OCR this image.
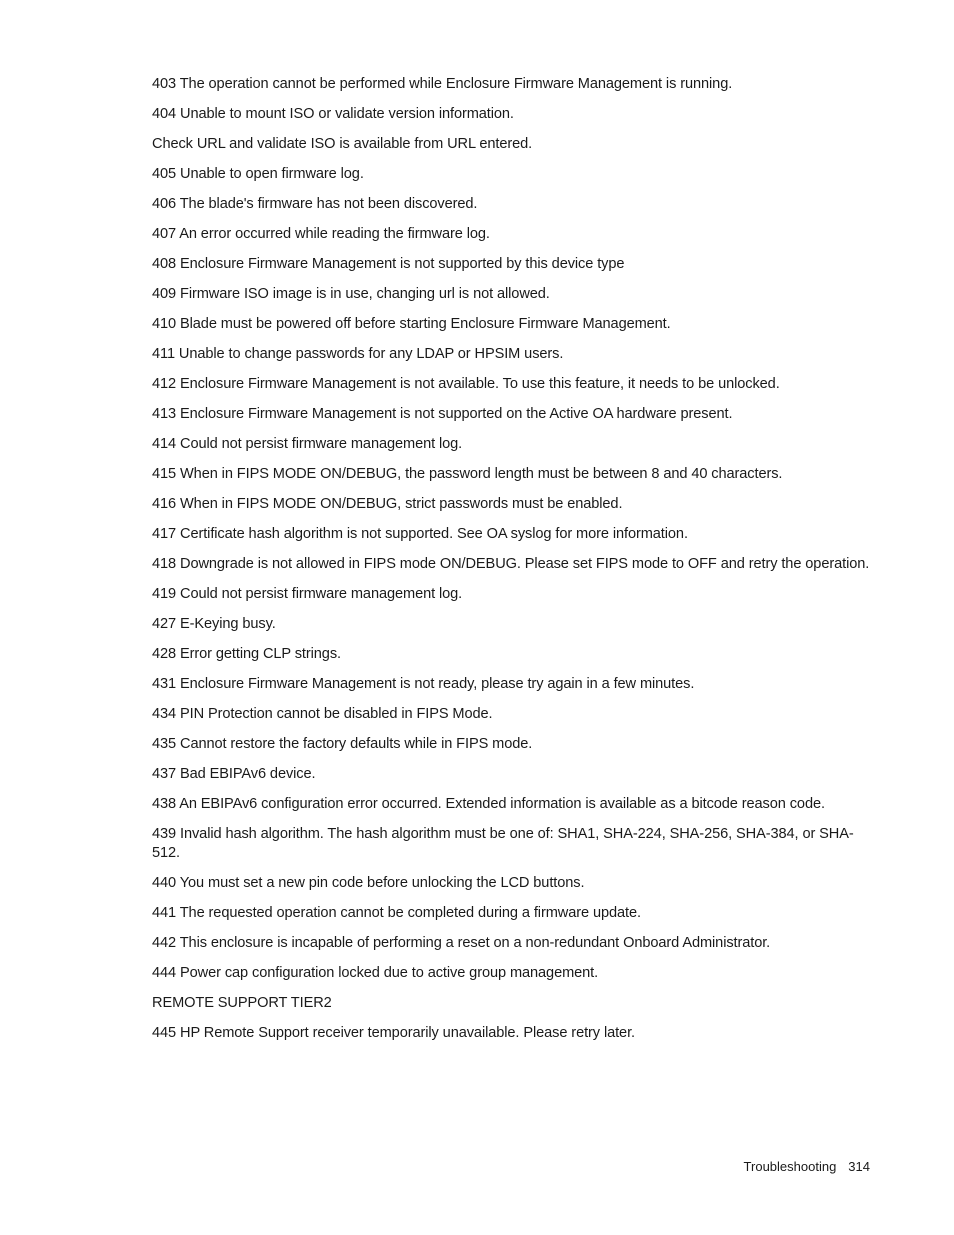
403 The operation cannot be performed while Enclosure Firmware Management is running.

404 Unable to mount ISO or validate version information.

Check URL and validate ISO is available from URL entered.

405 Unable to open firmware log.

406 The blade's firmware has not been discovered.

407 An error occurred while reading the firmware log.

408 Enclosure Firmware Management is not supported by this device type

409 Firmware ISO image is in use, changing url is not allowed.

410 Blade must be powered off before starting Enclosure Firmware Management.

411 Unable to change passwords for any LDAP or HPSIM users.

412 Enclosure Firmware Management is not available. To use this feature, it needs to be unlocked.

413 Enclosure Firmware Management is not supported on the Active OA hardware present.

414 Could not persist firmware management log.

415 When in FIPS MODE ON/DEBUG, the password length must be between 8 and 40 characters.

416 When in FIPS MODE ON/DEBUG, strict passwords must be enabled.

417 Certificate hash algorithm is not supported. See OA syslog for more information.

418 Downgrade is not allowed in FIPS mode ON/DEBUG. Please set FIPS mode to OFF and retry the operation.

419 Could not persist firmware management log.

427 E-Keying busy.

428 Error getting CLP strings.

431 Enclosure Firmware Management is not ready, please try again in a few minutes.

434 PIN Protection cannot be disabled in FIPS Mode.

435 Cannot restore the factory defaults while in FIPS mode.

437 Bad EBIPAv6 device.

438 An EBIPAv6 configuration error occurred. Extended information is available as a bitcode reason code.

439 Invalid hash algorithm. The hash algorithm must be one of: SHA1, SHA-224, SHA-256, SHA-384, or SHA-512.

440 You must set a new pin code before unlocking the LCD buttons.

441 The requested operation cannot be completed during a firmware update.

442 This enclosure is incapable of performing a reset on a non-redundant Onboard Administrator.

444 Power cap configuration locked due to active group management.

REMOTE SUPPORT TIER2

445 HP Remote Support receiver temporarily unavailable. Please retry later.

Troubleshooting 314
